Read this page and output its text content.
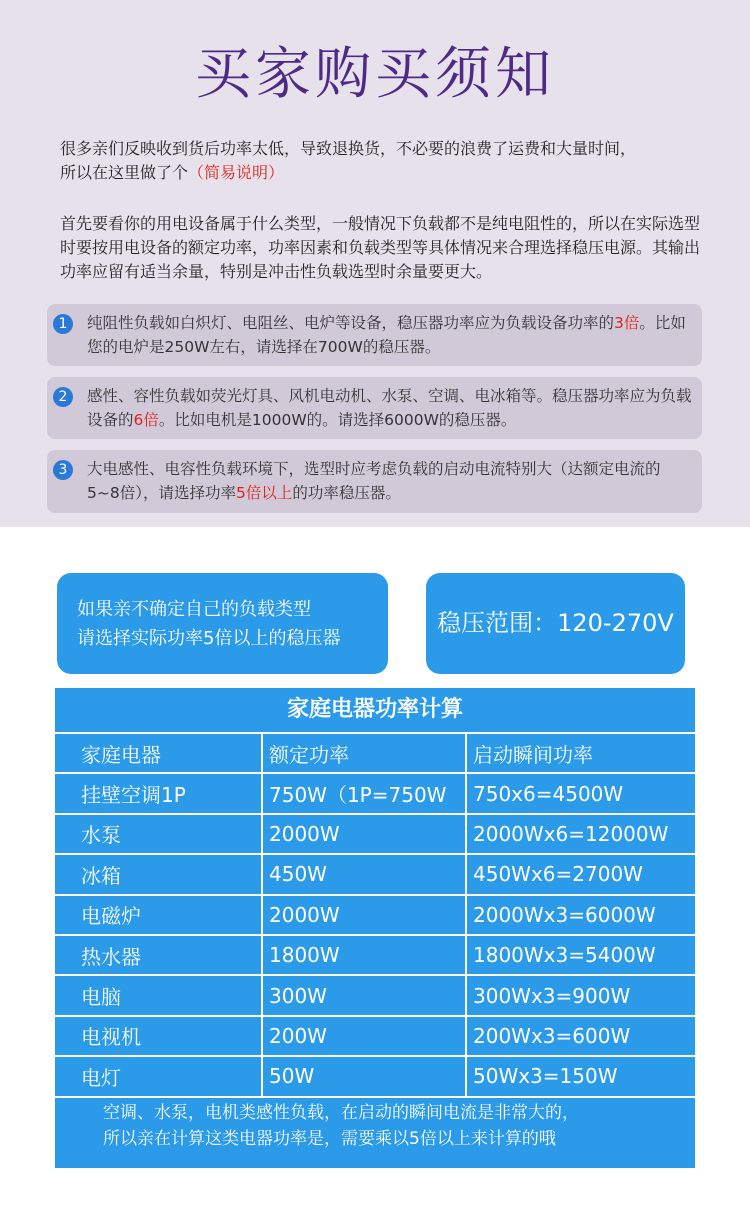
买家购买须知
很多亲们反映收到货后功率太低，导致退换货，不必要的浪费了运费和大量时间，
所以在这里做了个（简易说明）
首先要看你的用电设备属于什么类型，一般情况下负载都不是纯电阻性的，所以在实际选型时要按用电设备的额定功率，功率因素和负载类型等具体情况来合理选择稳压电源。其输出功率应留有适当余量，特别是冲击性负载选型时余量要更大。
1	纯阻性负载如白炽灯、电阻丝、电炉等设备，稳压器功率应为负载设备功率的3倍。比如您的电炉是250W左右，请选择在700W的稳压器。
2	感性、容性负载如荧光灯具、风机电动机、水泵、空调、电冰箱等。稳压器功率应为负载设备的6倍。比如电机是1000W的。请选择6000W的稳压器。
3	大电感性、电容性负载环境下，选型时应考虑负载的启动电流特别大（达额定电流的5~8倍），请选择功率5倍以上的功率稳压器。
如果亲不确定自己的负载类型
请选择实际功率5倍以上的稳压器
稳压范围：120-270V
家庭电器功率计算
家庭电器	额定功率	启动瞬间功率
挂壁空调1P	750W（1P=750W	750x6=4500W
水泵	2000W	2000Wx6=12000W
冰箱	450W	450Wx6=2700W
电磁炉	2000W	2000Wx3=6000W
热水器	1800W	1800Wx3=5400W
电脑	300W	300Wx3=900W
电视机	200W	200Wx3=600W
电灯	50W	50Wx3=150W
空调、水泵，电机类感性负载，在启动的瞬间电流是非常大的，
所以亲在计算这类电器功率是，需要乘以5倍以上来计算的哦
